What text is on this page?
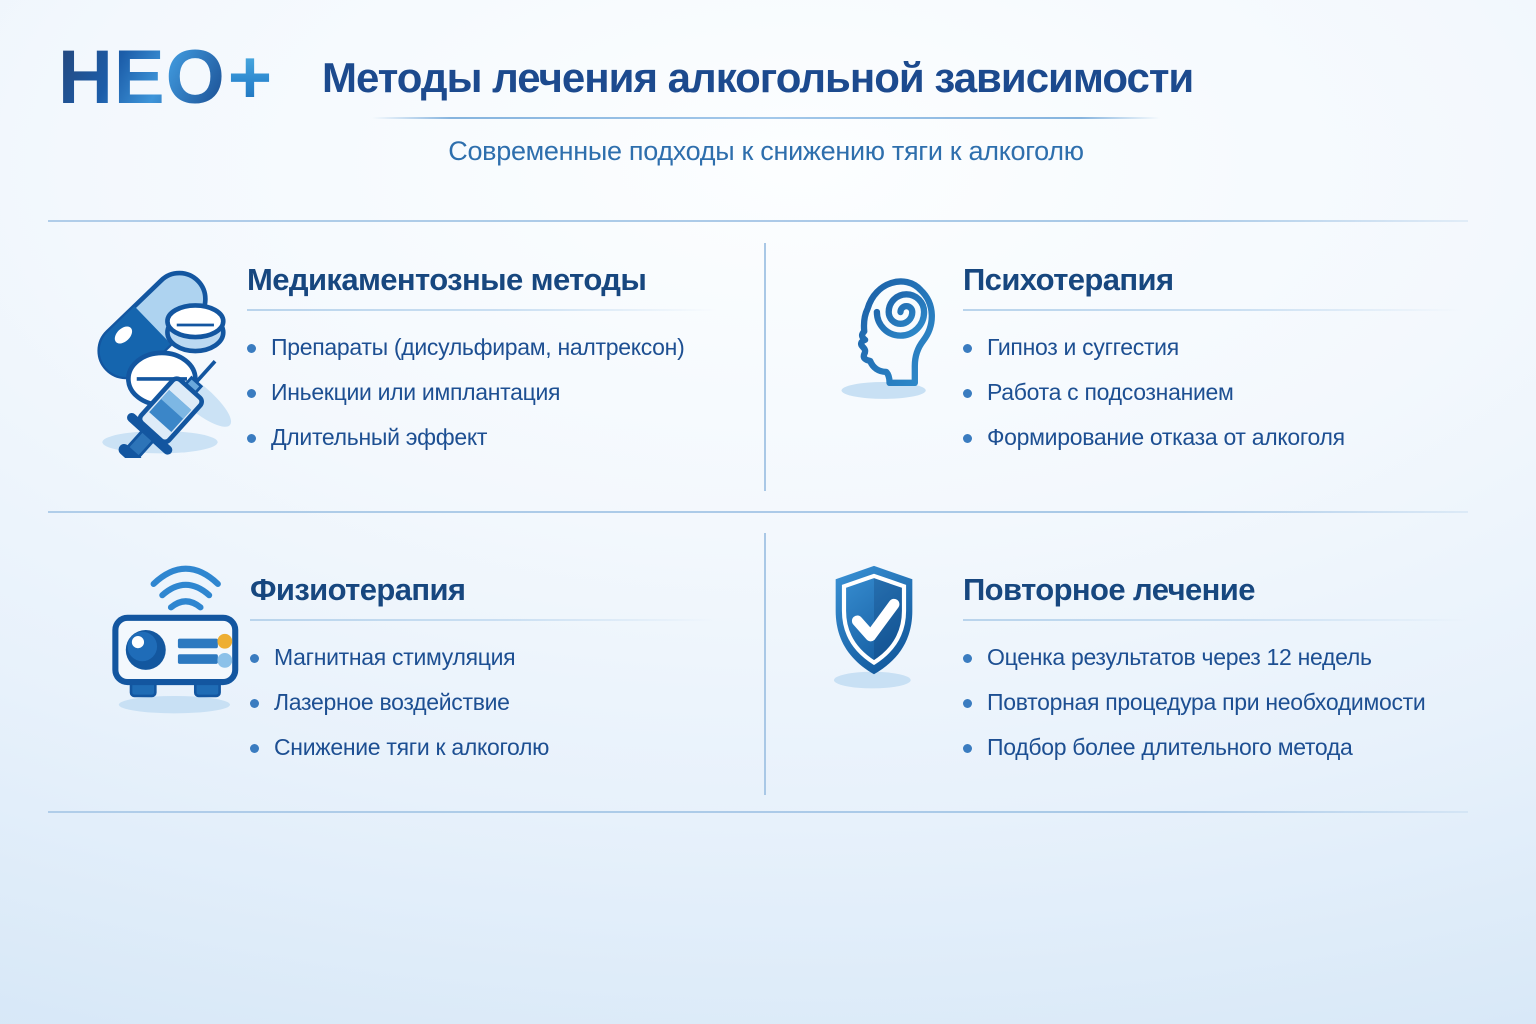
НЕО+ Методы лечения алкогольной зависимости
Современные подходы к снижению тяги к алкоголю
Медикаментозные методы
Препараты (дисульфирам, налтрексон)
Иньекции или имплантация
Длительный эффект
Психотерапия
Гипноз и суггестия
Работа с подсознанием
Формирование отказа от алкоголя
Физиотерапия
Магнитная стимуляция
Лазерное воздействие
Снижение тяги к алкоголю
Повторное лечение
Оценка результатов через 12 недель
Повторная процедура при необходимости
Подбор более длительного метода
